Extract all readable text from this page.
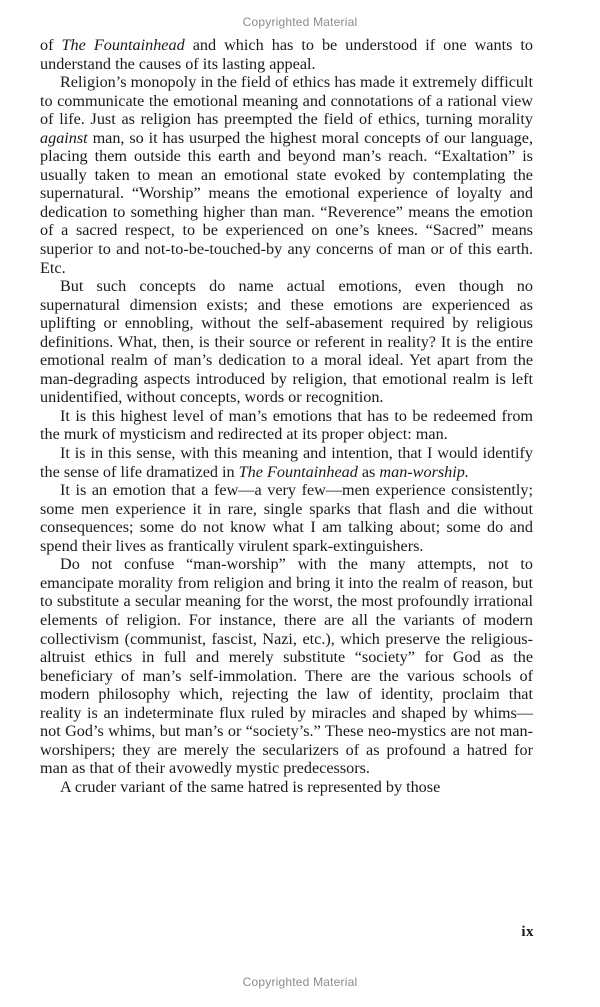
Copyrighted Material

of The Fountainhead and which has to be understood if one wants to understand the causes of its lasting appeal.

Religion’s monopoly in the field of ethics has made it extremely difficult to communicate the emotional meaning and connotations of a rational view of life. Just as religion has preempted the field of ethics, turning morality against man, so it has usurped the highest moral concepts of our language, placing them outside this earth and beyond man’s reach. “Exaltation” is usually taken to mean an emotional state evoked by contemplating the supernatural. “Worship” means the emotional experience of loyalty and dedication to something higher than man. “Reverence” means the emotion of a sacred respect, to be experienced on one’s knees. “Sacred” means superior to and not-to-be-touched-by any concerns of man or of this earth. Etc.

But such concepts do name actual emotions, even though no supernatural dimension exists; and these emotions are experienced as uplifting or ennobling, without the self-abasement required by religious definitions. What, then, is their source or referent in reality? It is the entire emotional realm of man’s dedication to a moral ideal. Yet apart from the man-degrading aspects introduced by religion, that emotional realm is left unidentified, without concepts, words or recognition.

It is this highest level of man’s emotions that has to be redeemed from the murk of mysticism and redirected at its proper object: man.

It is in this sense, with this meaning and intention, that I would identify the sense of life dramatized in The Fountainhead as man-worship.

It is an emotion that a few—a very few—men experience consistently; some men experience it in rare, single sparks that flash and die without consequences; some do not know what I am talking about; some do and spend their lives as frantically virulent spark-extinguishers.

Do not confuse “man-worship” with the many attempts, not to emancipate morality from religion and bring it into the realm of reason, but to substitute a secular meaning for the worst, the most profoundly irrational elements of religion. For instance, there are all the variants of modern collectivism (communist, fascist, Nazi, etc.), which preserve the religious-altruist ethics in full and merely substitute “society” for God as the beneficiary of man’s self-immolation. There are the various schools of modern philosophy which, rejecting the law of identity, proclaim that reality is an indeterminate flux ruled by miracles and shaped by whims—not God’s whims, but man’s or “society’s.” These neo-mystics are not man-worshipers; they are merely the secularizers of as profound a hatred for man as that of their avowedly mystic predecessors.

A cruder variant of the same hatred is represented by those

ix
Copyrighted Material
